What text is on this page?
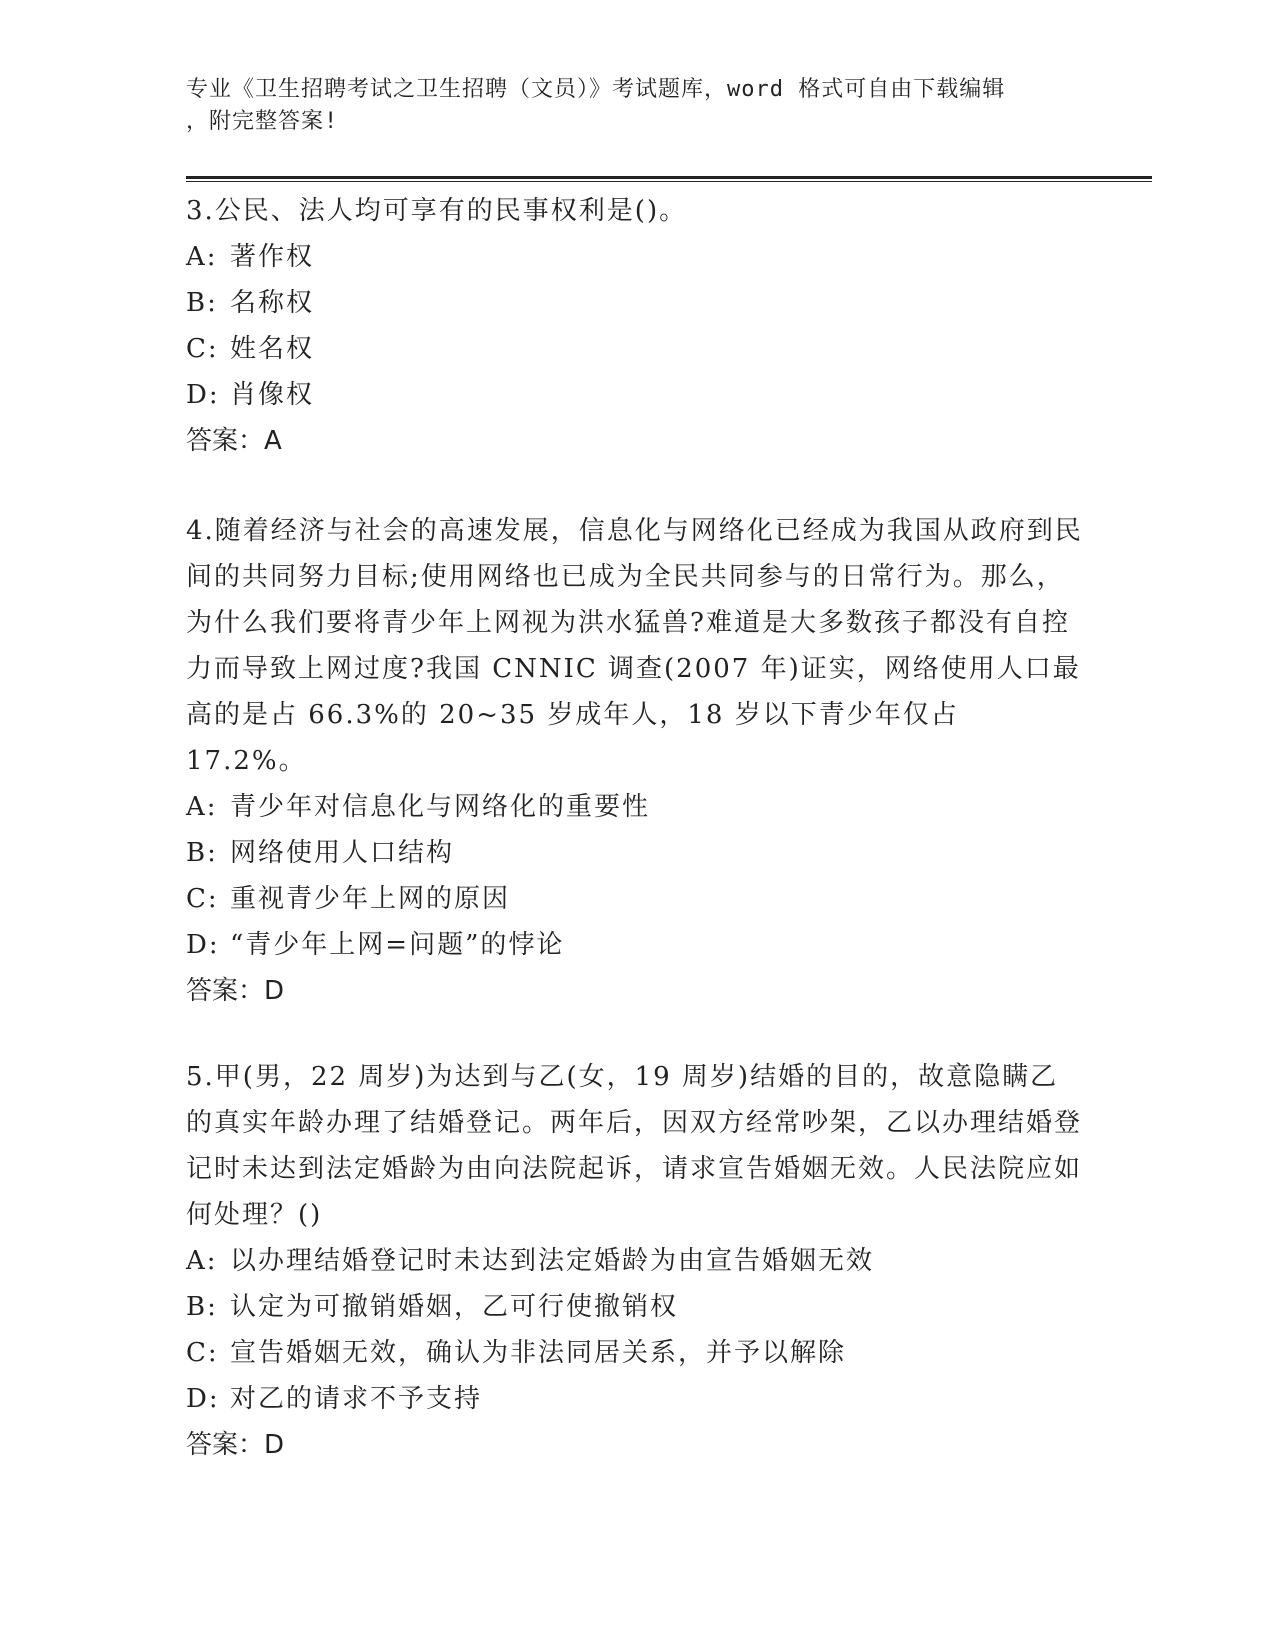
专业《卫生招聘考试之卫生招聘（文员）》考试题库，word 格式可自由下载编辑
，附完整答案!

3.公民、法人均可享有的民事权利是()。

A: 著作权

B: 名称权

C: 姓名权

D: 肖像权

答案：A

4.随着经济与社会的高速发展，信息化与网络化已经成为我国从政府到民间的共同努力目标;使用网络也已成为全民共同参与的日常行为。那么，为什么我们要将青少年上网视为洪水猛兽?难道是大多数孩子都没有自控力而导致上网过度?我国 CNNIC 调查(2007 年)证实，网络使用人口最高的是占 66.3%的 20~35 岁成年人，18 岁以下青少年仅占 17.2%。

A: 青少年对信息化与网络化的重要性

B: 网络使用人口结构

C: 重视青少年上网的原因

D: “青少年上网=问题”的悖论

答案：D

5.甲(男，22 周岁)为达到与乙(女，19 周岁)结婚的目的，故意隐瞒乙的真实年龄办理了结婚登记。两年后，因双方经常吵架，乙以办理结婚登记时未达到法定婚龄为由向法院起诉，请求宣告婚姻无效。人民法院应如何处理？()

A: 以办理结婚登记时未达到法定婚龄为由宣告婚姻无效

B: 认定为可撤销婚姻，乙可行使撤销权

C: 宣告婚姻无效，确认为非法同居关系，并予以解除

D: 对乙的请求不予支持

答案：D
